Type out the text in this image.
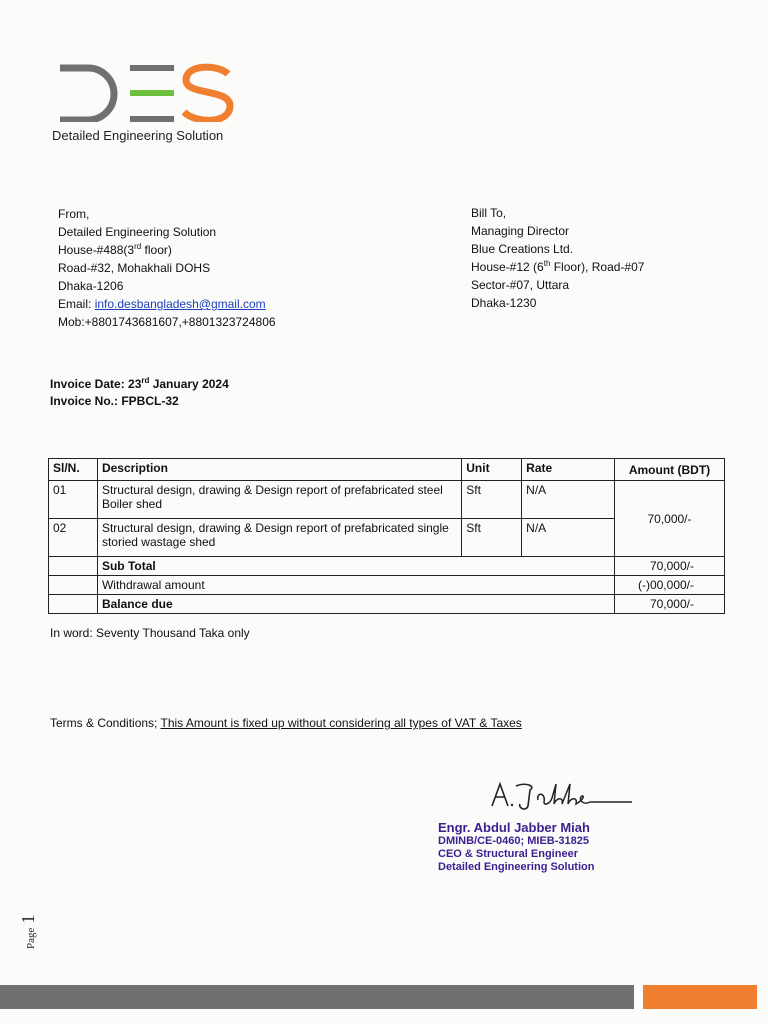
Detailed Engineering Solution
From,
Detailed Engineering Solution
House-#488(3rd floor)
Road-#32, Mohakhali DOHS
Dhaka-1206
Email: info.desbangladesh@gmail.com
Mob:+8801743681607,+8801323724806
Bill To,
Managing Director
Blue Creations Ltd.
House-#12 (6th Floor), Road-#07
Sector-#07, Uttara
Dhaka-1230
Invoice Date: 23rd January 2024
Invoice No.: FPBCL-32
Sl/N.	Description	Unit	Rate	Amount (BDT)
01	Structural design, drawing & Design report of prefabricated steel Boiler shed	Sft	N/A	70,000/-
02	Structural design, drawing & Design report of prefabricated single storied wastage shed	Sft	N/A	
	Sub Total			70,000/-
	Withdrawal amount			(-)00,000/-
	Balance due			70,000/-
In word: Seventy Thousand Taka only
Terms & Conditions; This Amount is fixed up without considering all types of VAT & Taxes
Engr. Abdul Jabber Miah
DMINB/CE-0460; MIEB-31825
CEO & Structural Engineer
Detailed Engineering Solution
Page 1
